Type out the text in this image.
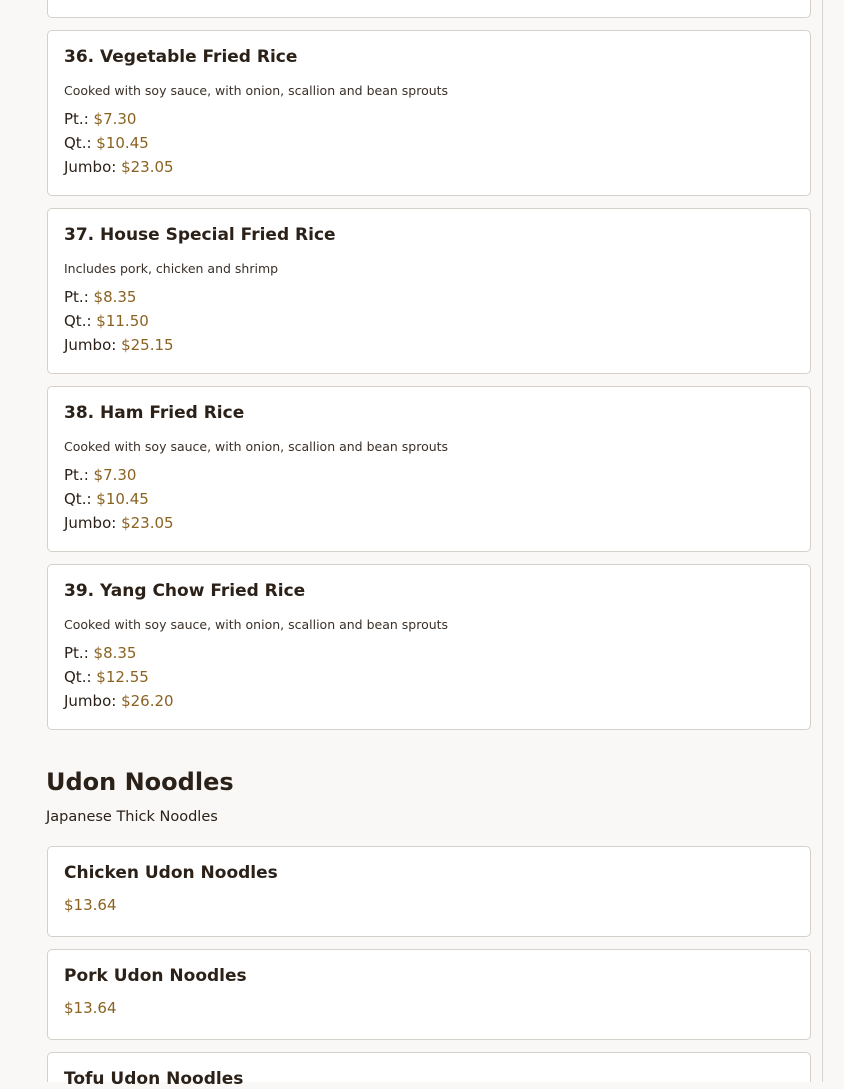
36. Vegetable Fried Rice
Cooked with soy sauce, with onion, scallion and bean sprouts
Pt.: $7.30
Qt.: $10.45
Jumbo: $23.05
37. House Special Fried Rice
Includes pork, chicken and shrimp
Pt.: $8.35
Qt.: $11.50
Jumbo: $25.15
38. Ham Fried Rice
Cooked with soy sauce, with onion, scallion and bean sprouts
Pt.: $7.30
Qt.: $10.45
Jumbo: $23.05
39. Yang Chow Fried Rice
Cooked with soy sauce, with onion, scallion and bean sprouts
Pt.: $8.35
Qt.: $12.55
Jumbo: $26.20
Udon Noodles
Japanese Thick Noodles
Chicken Udon Noodles
$13.64
Pork Udon Noodles
$13.64
Tofu Udon Noodles
